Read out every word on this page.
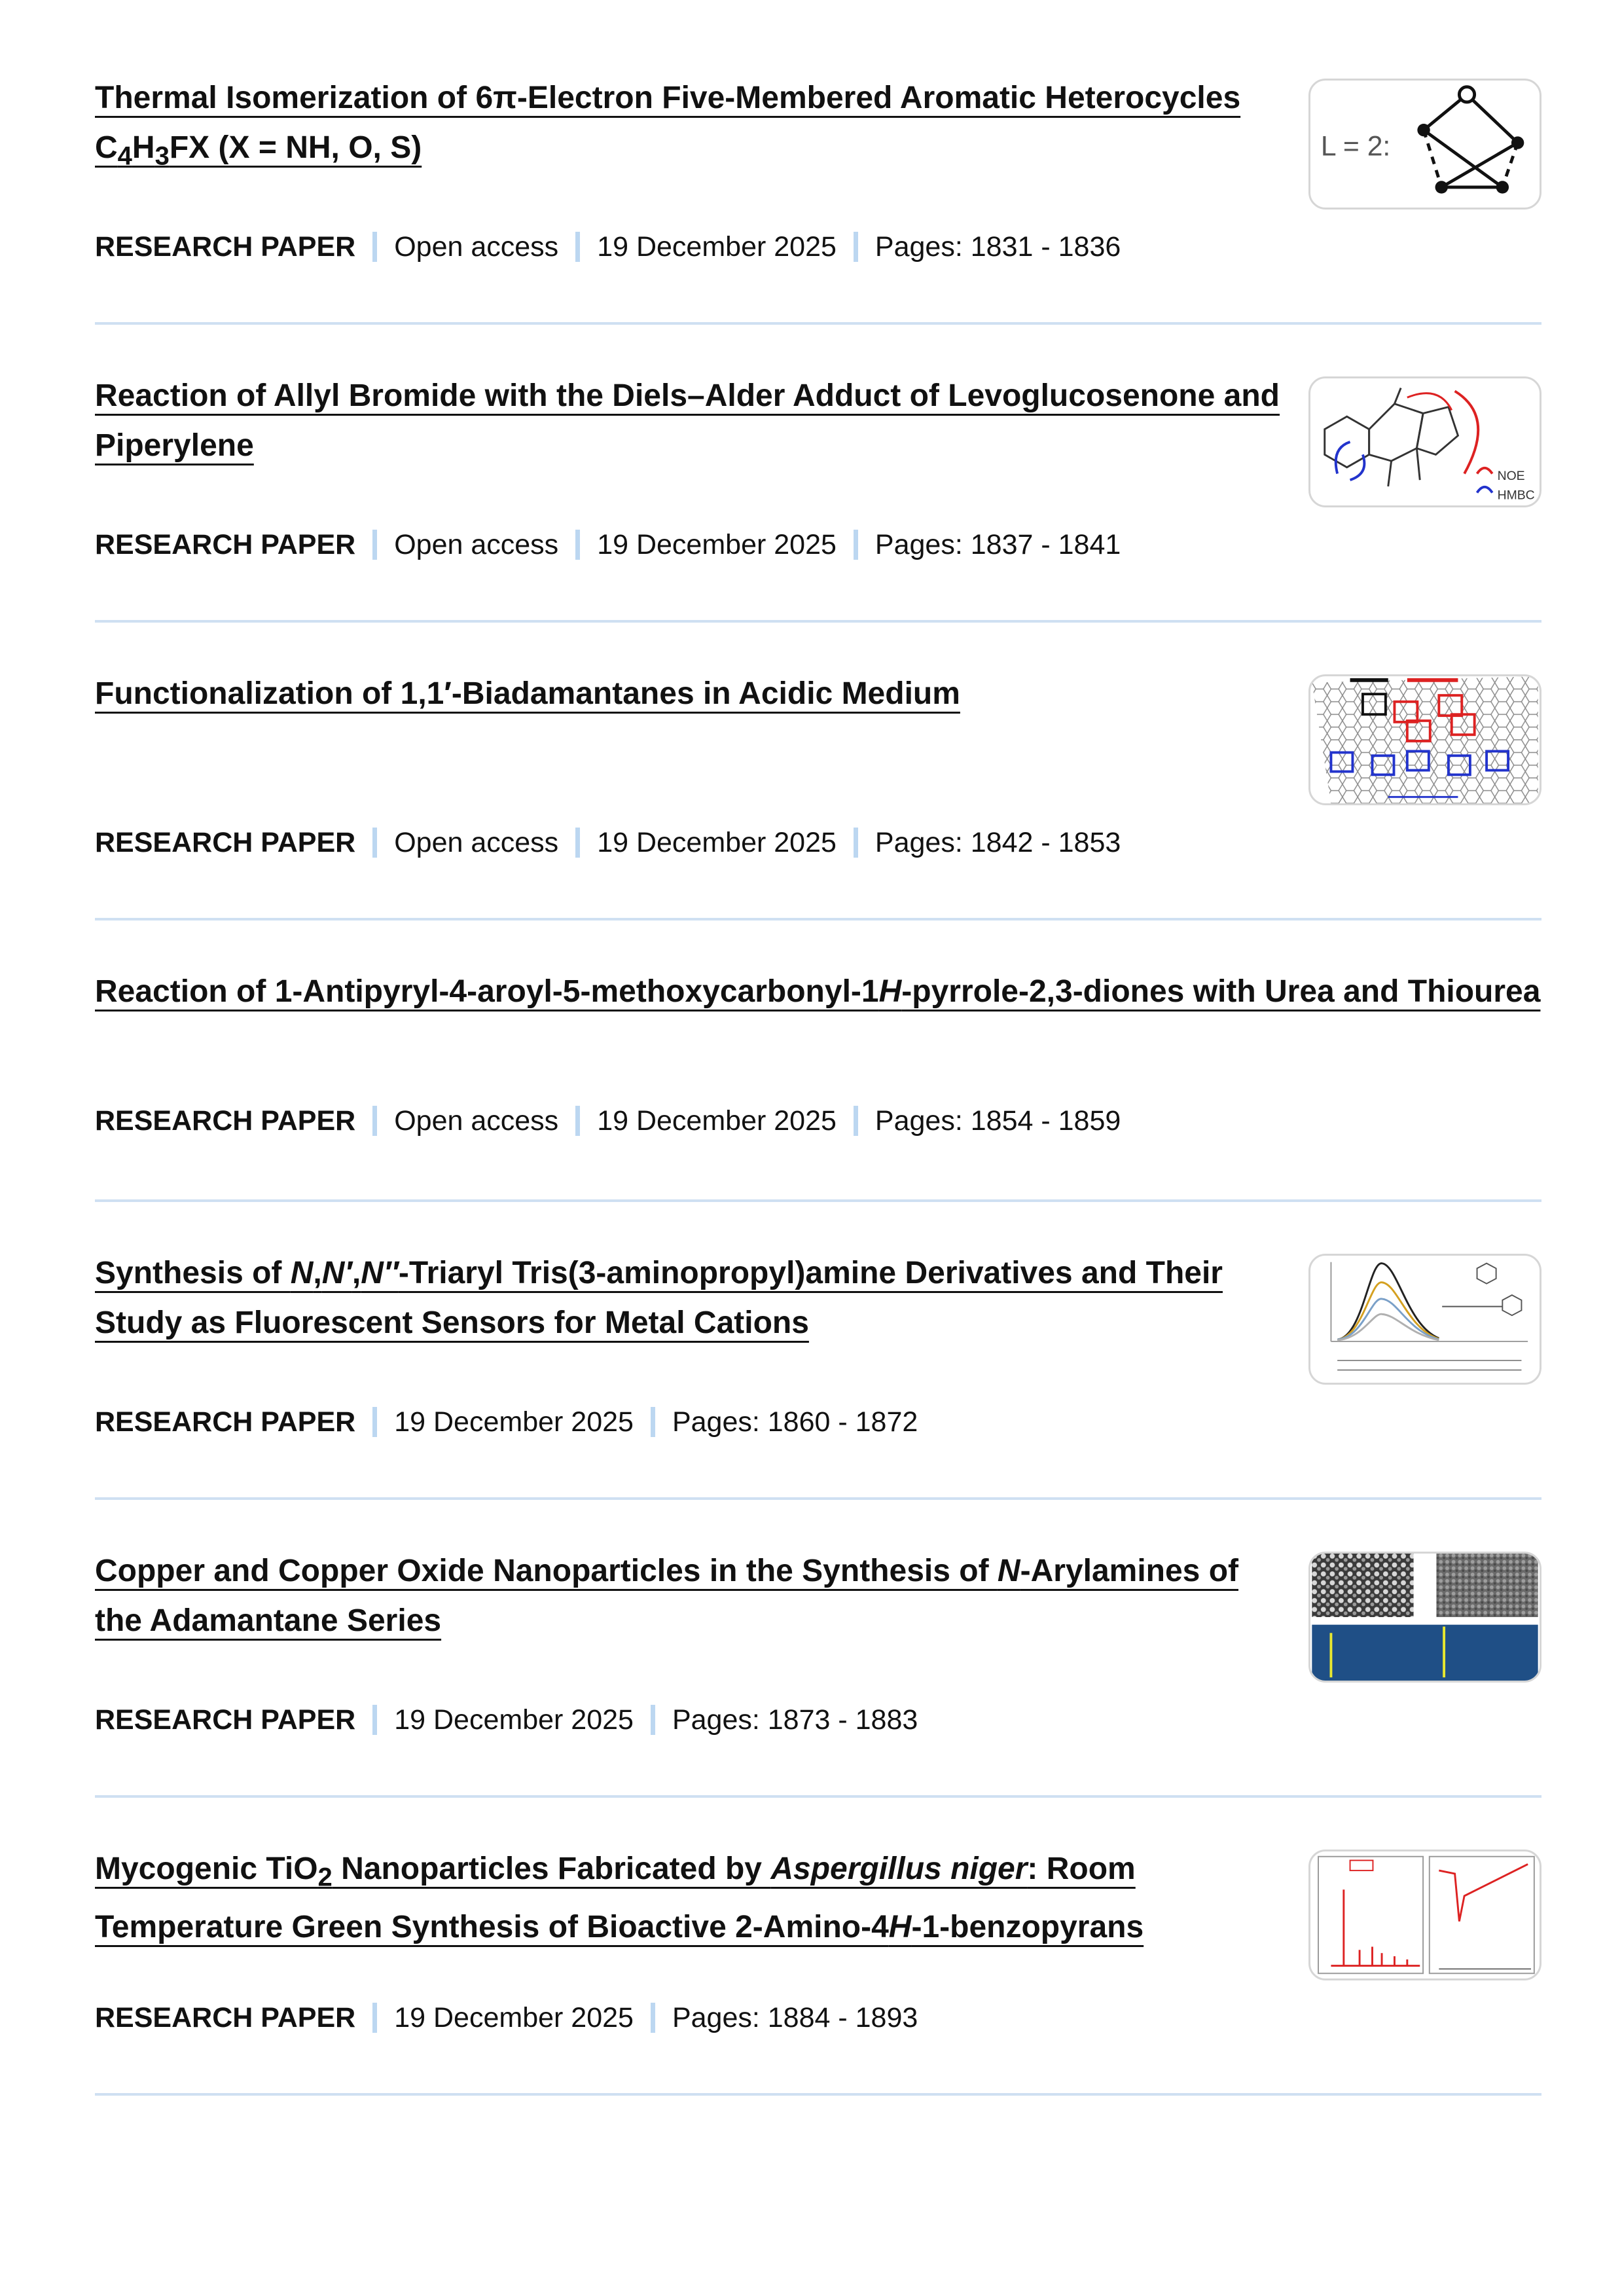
Thermal Isomerization of 6π-Electron Five-Membered Aromatic Heterocycles $C_4H_3FX$ (X = NH, O, S)
RESEARCH PAPER Open access 19 December 2025 Pages: 1831 - 1836
L = 2:
Reaction of Allyl Bromide with the Diels–Alder Adduct of Levoglucosenone and Piperylene
RESEARCH PAPER Open access 19 December 2025 Pages: 1837 - 1841
NOE
HMBC
Functionalization of 1,1′-Biadamantanes in Acidic Medium
RESEARCH PAPER Open access 19 December 2025 Pages: 1842 - 1853
Reaction of 1-Antipyryl-4-aroyl-5-methoxycarbonyl-1H-pyrrole-2,3-diones with Urea and Thiourea
RESEARCH PAPER Open access 19 December 2025 Pages: 1854 - 1859
Synthesis of N,N′,N″-Triaryl Tris(3-aminopropyl)amine Derivatives and Their Study as Fluorescent Sensors for Metal Cations
RESEARCH PAPER 19 December 2025 Pages: 1860 - 1872
Copper and Copper Oxide Nanoparticles in the Synthesis of N-Arylamines of the Adamantane Series
RESEARCH PAPER 19 December 2025 Pages: 1873 - 1883
Mycogenic TiO$_2$ Nanoparticles Fabricated by Aspergillus niger: Room Temperature Green Synthesis of Bioactive 2-Amino-4H-1-benzopyrans
RESEARCH PAPER 19 December 2025 Pages: 1884 - 1893
